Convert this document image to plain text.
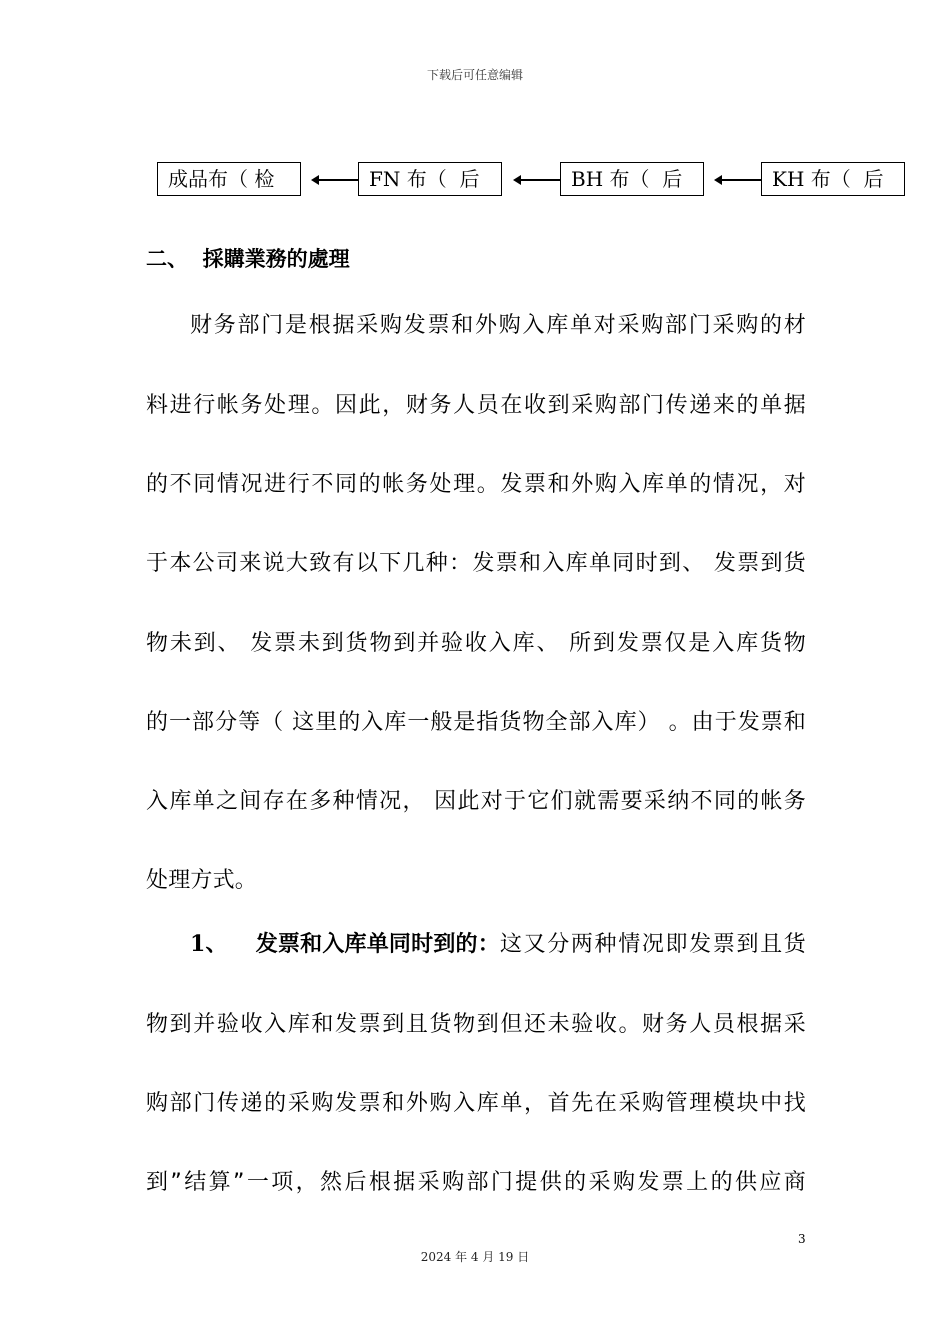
下载后可任意编辑
成品布（ 检	FN 布（  后	BH 布（  后	KH 布（  后
二、  採購業務的處理
财务部门是根据采购发票和外购入库单对采购部门采购的材
料进行帐务处理。因此，财务人员在收到采购部门传递来的单据
的不同情况进行不同的帐务处理。发票和外购入库单的情况，对
于本公司来说大致有以下几种：发票和入库单同时到、 发票到货
物未到、 发票未到货物到并验收入库、 所到发票仅是入库货物
的一部分等（ 这里的入库一般是指货物全部入库） 。由于发票和
入库单之间存在多种情况， 因此对于它们就需要采纳不同的帐务
处理方式。
1、 发票和入库单同时到的： 这又分两种情况即发票到且货
物到并验收入库和发票到且货物到但还未验收。财务人员根据采
购部门传递的采购发票和外购入库单，首先在采购管理模块中找
到”结算”一项，然后根据采购部门提供的采购发票上的供应商
3
2024 年 4 月 19 日
